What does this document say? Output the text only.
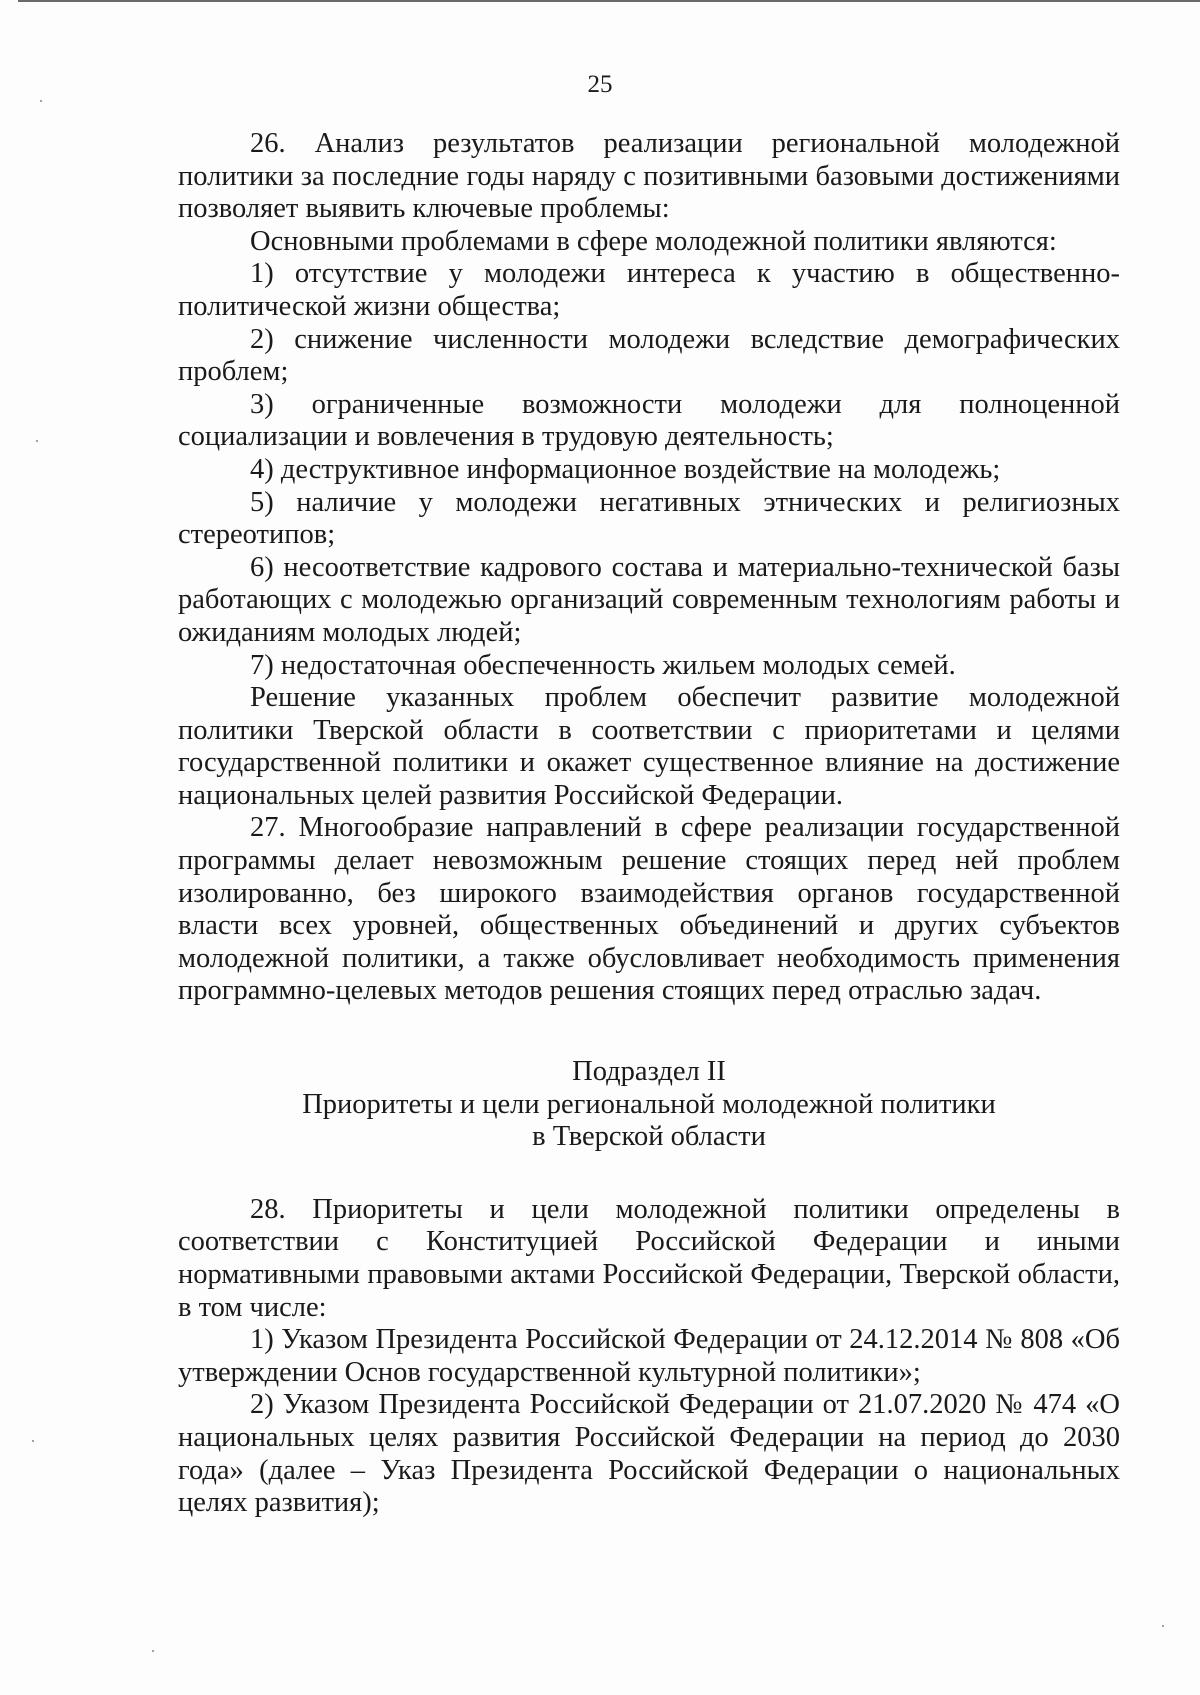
25

26. Анализ результатов реализации региональной молодежной политики за последние годы наряду с позитивными базовыми достижениями позволяет выявить ключевые проблемы:

Основными проблемами в сфере молодежной политики являются:

1) отсутствие у молодежи интереса к участию в общественно-политической жизни общества;

2) снижение численности молодежи вследствие демографических проблем;

3) ограниченные возможности молодежи для полноценной социализации и вовлечения в трудовую деятельность;

4) деструктивное информационное воздействие на молодежь;

5) наличие у молодежи негативных этнических и религиозных стереотипов;

6) несоответствие кадрового состава и материально-технической базы работающих с молодежью организаций современным технологиям работы и ожиданиям молодых людей;

7) недостаточная обеспеченность жильем молодых семей.

Решение указанных проблем обеспечит развитие молодежной политики Тверской области в соответствии с приоритетами и целями государственной политики и окажет существенное влияние на достижение национальных целей развития Российской Федерации.

27. Многообразие направлений в сфере реализации государственной программы делает невозможным решение стоящих перед ней проблем изолированно, без широкого взаимодействия органов государственной власти всех уровней, общественных объединений и других субъектов молодежной политики, а также обусловливает необходимость применения программно-целевых методов решения стоящих перед отраслью задач.

Подраздел II
Приоритеты и цели региональной молодежной политики
в Тверской области

28. Приоритеты и цели молодежной политики определены в соответствии с Конституцией Российской Федерации и иными нормативными правовыми актами Российской Федерации, Тверской области, в том числе:

1) Указом Президента Российской Федерации от 24.12.2014 № 808 «Об утверждении Основ государственной культурной политики»;

2) Указом Президента Российской Федерации от 21.07.2020 № 474 «О национальных целях развития Российской Федерации на период до 2030 года» (далее – Указ Президента Российской Федерации о национальных целях развития);
